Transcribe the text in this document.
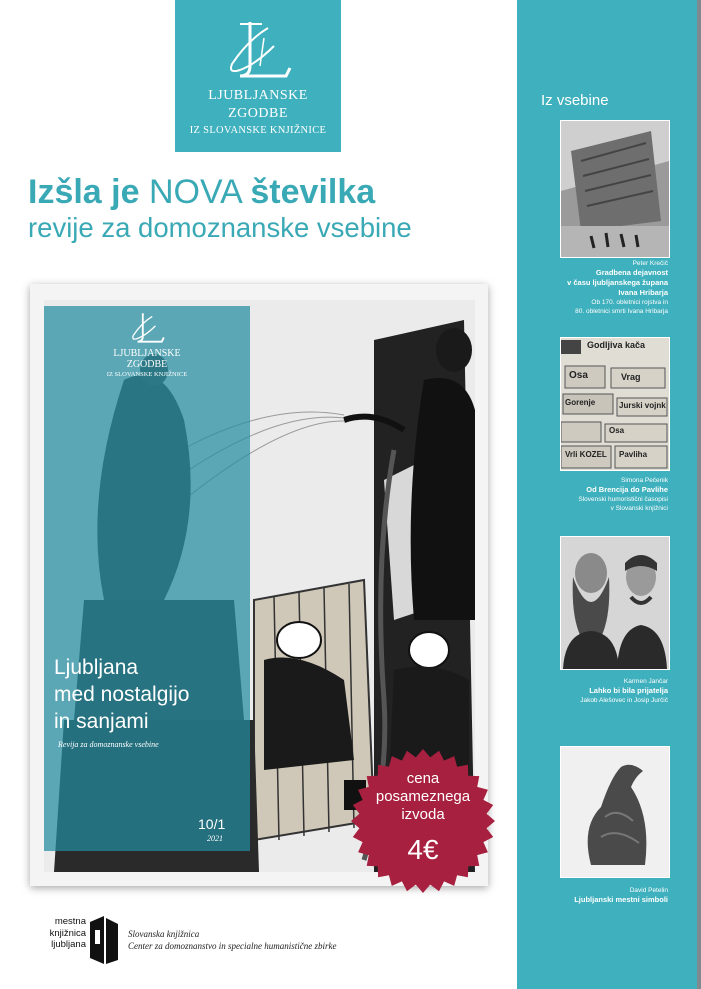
LJUBLJANSKE
ZGODBE
IZ SLOVANSKE KNJIŽNICE
Izšla je NOVA številka
revije za domoznanske vsebine
LJUBLJANSKE
ZGODBE
IZ SLOVANSKE KNJIŽNICE
Ljubljana
med nostalgijo
in sanjami
Revija za domoznanske vsebine
10/1
2021
cena
posameznega
izvoda
4€
Iz vsebine
Peter Krečič
Gradbena dejavnost
v času ljubljanskega župana
Ivana Hribarja
Ob 170. obletnici rojstva in
80. obletnici smrti Ivana Hribarja
Godljiva kača
Osa	Vrag
Jurski vojnk
Gorenje
Osa
Vrli KOZEL Pavliha
Simona Pečenik
Od Brencija do Pavlihe
Slovenski humoristični časopisi
v Slovanski knjižnici
Karmen Jančar
Lahko bi bila prijatelja
Jakob Alešovec in Josip Jurčič
David Petelin
Ljubljanski mestni simboli
mestna
knjižnica
ljubljana
Slovanska knjižnica
Center za domoznanstvo in specialne humanistične zbirke
